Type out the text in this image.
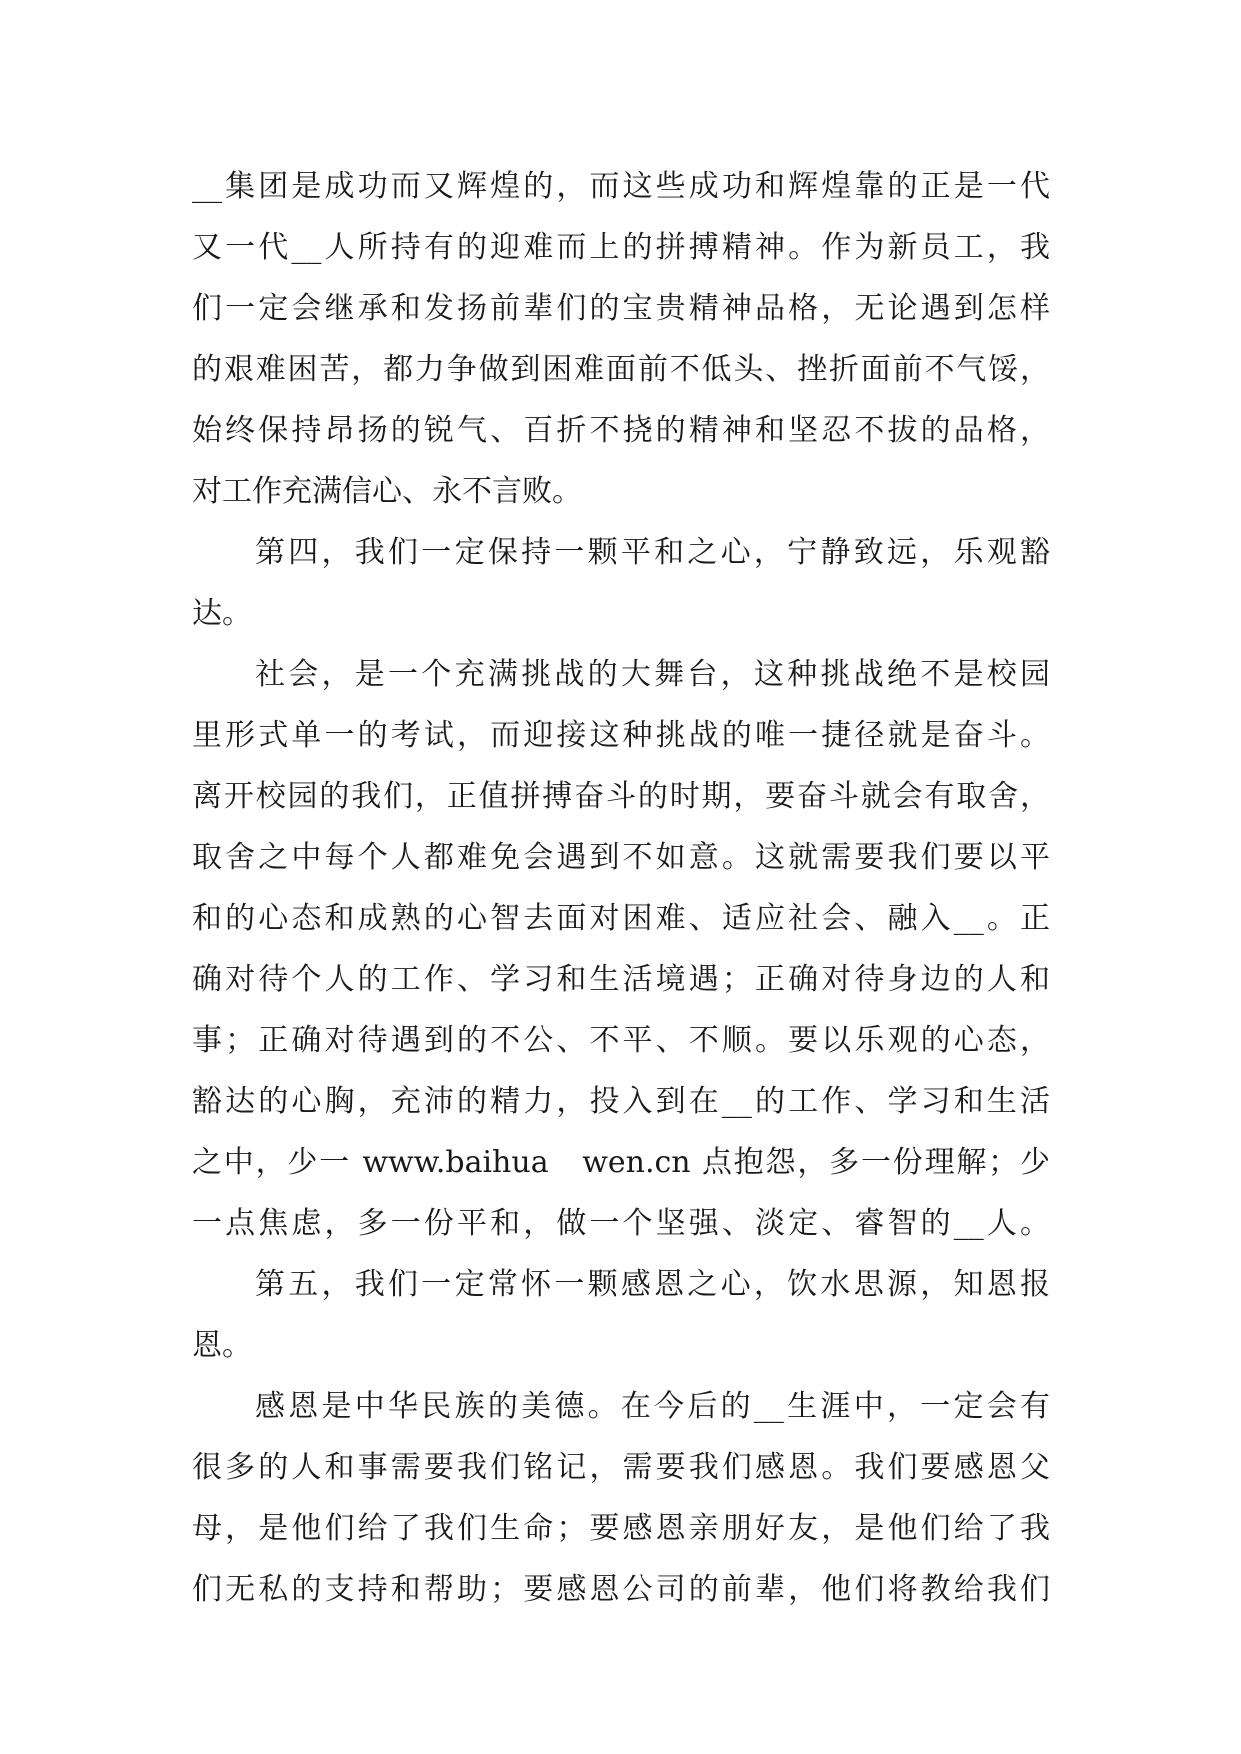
__集团是成功而又辉煌的，而这些成功和辉煌靠的正是一代
又一代__人所持有的迎难而上的拼搏精神。作为新员工，我
们一定会继承和发扬前辈们的宝贵精神品格，无论遇到怎样
的艰难困苦，都力争做到困难面前不低头、挫折面前不气馁，
始终保持昂扬的锐气、百折不挠的精神和坚忍不拔的品格，
对工作充满信心、永不言败。
第四，我们一定保持一颗平和之心，宁静致远，乐观豁
达。
社会，是一个充满挑战的大舞台，这种挑战绝不是校园
里形式单一的考试，而迎接这种挑战的唯一捷径就是奋斗。
离开校园的我们，正值拼搏奋斗的时期，要奋斗就会有取舍，
取舍之中每个人都难免会遇到不如意。这就需要我们要以平
和的心态和成熟的心智去面对困难、适应社会、融入__。正
确对待个人的工作、学习和生活境遇；正确对待身边的人和
事；正确对待遇到的不公、不平、不顺。要以乐观的心态，
豁达的心胸，充沛的精力，投入到在__的工作、学习和生活
之中，少一 www.baihua　wen.cn 点抱怨，多一份理解；少
一点焦虑，多一份平和，做一个坚强、淡定、睿智的__人。
第五，我们一定常怀一颗感恩之心，饮水思源，知恩报
恩。
感恩是中华民族的美德。在今后的__生涯中，一定会有
很多的人和事需要我们铭记，需要我们感恩。我们要感恩父
母，是他们给了我们生命；要感恩亲朋好友，是他们给了我
们无私的支持和帮助；要感恩公司的前辈，他们将教给我们
